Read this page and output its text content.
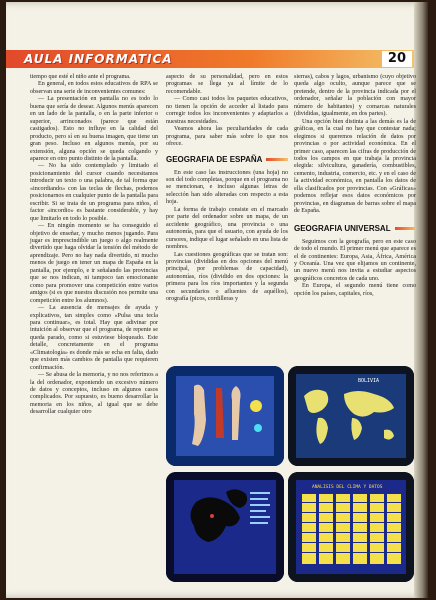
AULA INFORMATICA	20

tiempo que esté el niño ante el programa.

En general, en todos estos educativos de RPA se observan una serie de inconvenientes comunes:

— La presentación en pantalla no es todo lo buena que sería de desear. Algunos menús aparecen en un lado de la pantalla, o en la parte inferior o superior, arrinconados (parece que están castigados). Esto no influye en la calidad del producto, pero sí en su buena imagen, que tiene un gran peso. Incluso en algunos menús, por su extensión, alguna opción se queda colgando y aparece en otro punto distinto de la pantalla.

— No ha sido contemplado y limitado el posicionamiento del cursor cuando necesitamos introducir un texto o una palabra, de tal forma que «incordiando» con las teclas de flechas, podemos posicionarnos en cualquier punto de la pantalla para escribir. Si se trata de un programa para niños, el factor «incordio» es bastante considerable, y hay que limitarlo en todo lo posible.

— En ningún momento se ha conseguido el objetivo de enseñar, y mucho menos jugando. Para jugar es imprescindible un juego o algo realmente divertido que haga olvidar la tensión del método de aprendizaje. Pero no hay nada divertido, ni mucho menos de juego en tener un mapa de España en la pantalla, por ejemplo, e ir señalando las provincias que se nos indican, ni tampoco tan emocionante como para promover una competición entre varios amigos (si es que nuestra discusión nos permite una competición entre los alumnos).

— La ausencia de mensajes de ayuda y explicativos, tan simples como «Pulsa una tecla para continuar», es total. Hay que adivinar por intuición al observar que el programa, de repente se queda parado, como si estuviese bloqueado. Este detalle, concretamente en el programa «Climatología» es donde más se echa en falta, dado que existen más cambios de pantalla que requieren confirmación.

— Se abusa de la memoria, y no nos referimos a la del ordenador, exponiendo un excesivo número de datos y conceptos, incluso en algunos casos complicados. Por supuesto, es bueno desarrollar la memoria en los niños, al igual que se debe desarrollar cualquier otro

aspecto de su personalidad, pero en estos programas se llega ya al límite de lo recomendable.

— Como casi todos los paquetes educativos, no tienen la opción de acceder al listado para corregir todos los inconvenientes y adaptarlos a nuestras necesidades.

Veamos ahora las peculiaridades de cada programa, para saber más sobre lo que nos ofrece.

GEOGRAFIA DE ESPAÑA

En este caso las instrucciones (una hoja) no son del todo completas, porque en el programa no se mencionan, e incluso algunas letras de selección han sido alteradas con respecto a esta hoja.

La forma de trabajo consiste en el marcado por parte del ordenador sobre un mapa, de un accidente geográfico, una provincia o una autonomía, para que el usuario, con ayuda de los cursores, indique el lugar señalado en una lista de nombres.

Las cuestiones geográficas que se tratan son: provincias (divididas en dos opciones del menú principal, por problemas de capacidad), autonomías, ríos (dividido en dos opciones: la primera para los ríos importantes y la segunda con secundarios o afluentes de aquéllos), orografía (picos, cordilleras y

sierras), cabos y lagos, urbanismo (cuyo objetivo queda algo oculto, aunque parece que se pretende, dentro de la provincia indicada por el ordenador, señalar la población con mayor número de habitantes) y comarcas naturales (divididas, igualmente, en dos partes).

Una opción bien distinta a las demás es la de gráficas, en la cual no hay que contestar nada; elegimos si queremos relación de datos por provincias o por actividad económica. En el primer caso, aparecen las cifras de producción de todos los campos en que trabaja la provincia elegida: silvicultura, ganadería, combustibles, cemento, industria, comercio, etc. y en el caso de la actividad económica, en pantalla los datos de ella clasificados por provincias. Con «Gráficas» podemos reflejar esos datos económicos por provincias, en diagramas de barras sobre el mapa de España.

GEOGRAFIA UNIVERSAL

Seguimos con la geografía, pero en este caso de todo el mundo. El primer menú que aparece es el de continentes: Europa, Asia, África, América y Oceanía. Una vez que elijamos un continente, un nuevo menú nos invita a estudiar aspectos geográficos concretos de cada uno.

En Europa, el segundo menú tiene como opción los países, capitales, ríos,

BOLIVIA
ANALISIS DEL CLIMA Y DATOS
